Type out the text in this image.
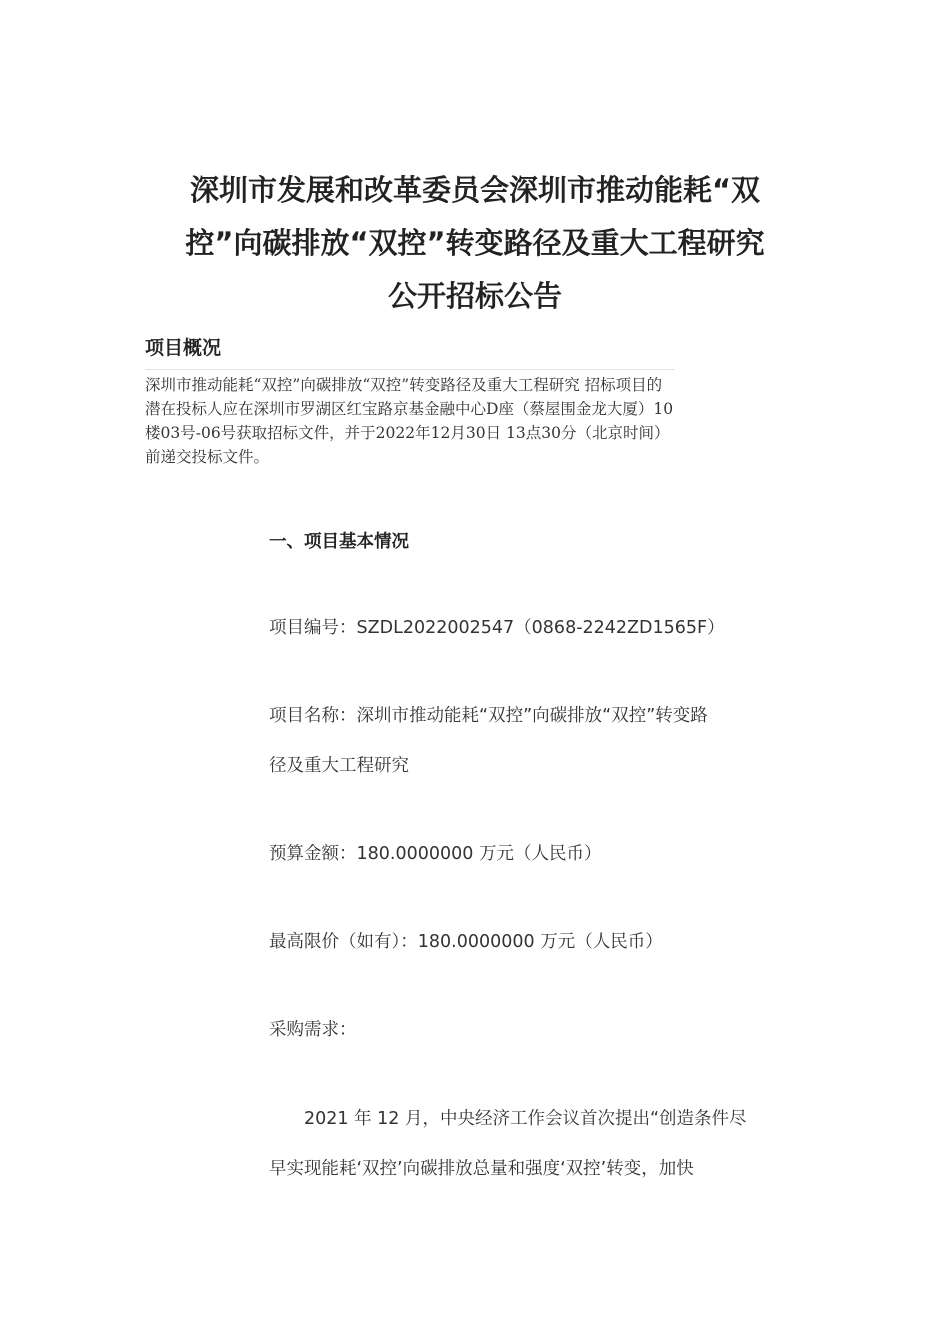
深圳市发展和改革委员会深圳市推动能耗“双
控”向碳排放“双控”转变路径及重大工程研究
公开招标公告
项目概况

深圳市推动能耗“双控”向碳排放“双控”转变路径及重大工程研究 招标项目的潜在投标人应在深圳市罗湖区红宝路京基金融中心D座（蔡屋围金龙大厦）10楼03号-06号获取招标文件，并于2022年12月30日 13点30分（北京时间）前递交投标文件。

一、项目基本情况

项目编号：SZDL2022002547（0868-2242ZD1565F）

项目名称：深圳市推动能耗“双控”向碳排放“双控”转变路

径及重大工程研究

预算金额：180.0000000 万元（人民币）

最高限价（如有）：180.0000000 万元（人民币）

采购需求：

2021 年 12 月，中央经济工作会议首次提出“创造条件尽

早实现能耗‘双控’向碳排放总量和强度‘双控’转变，加快
